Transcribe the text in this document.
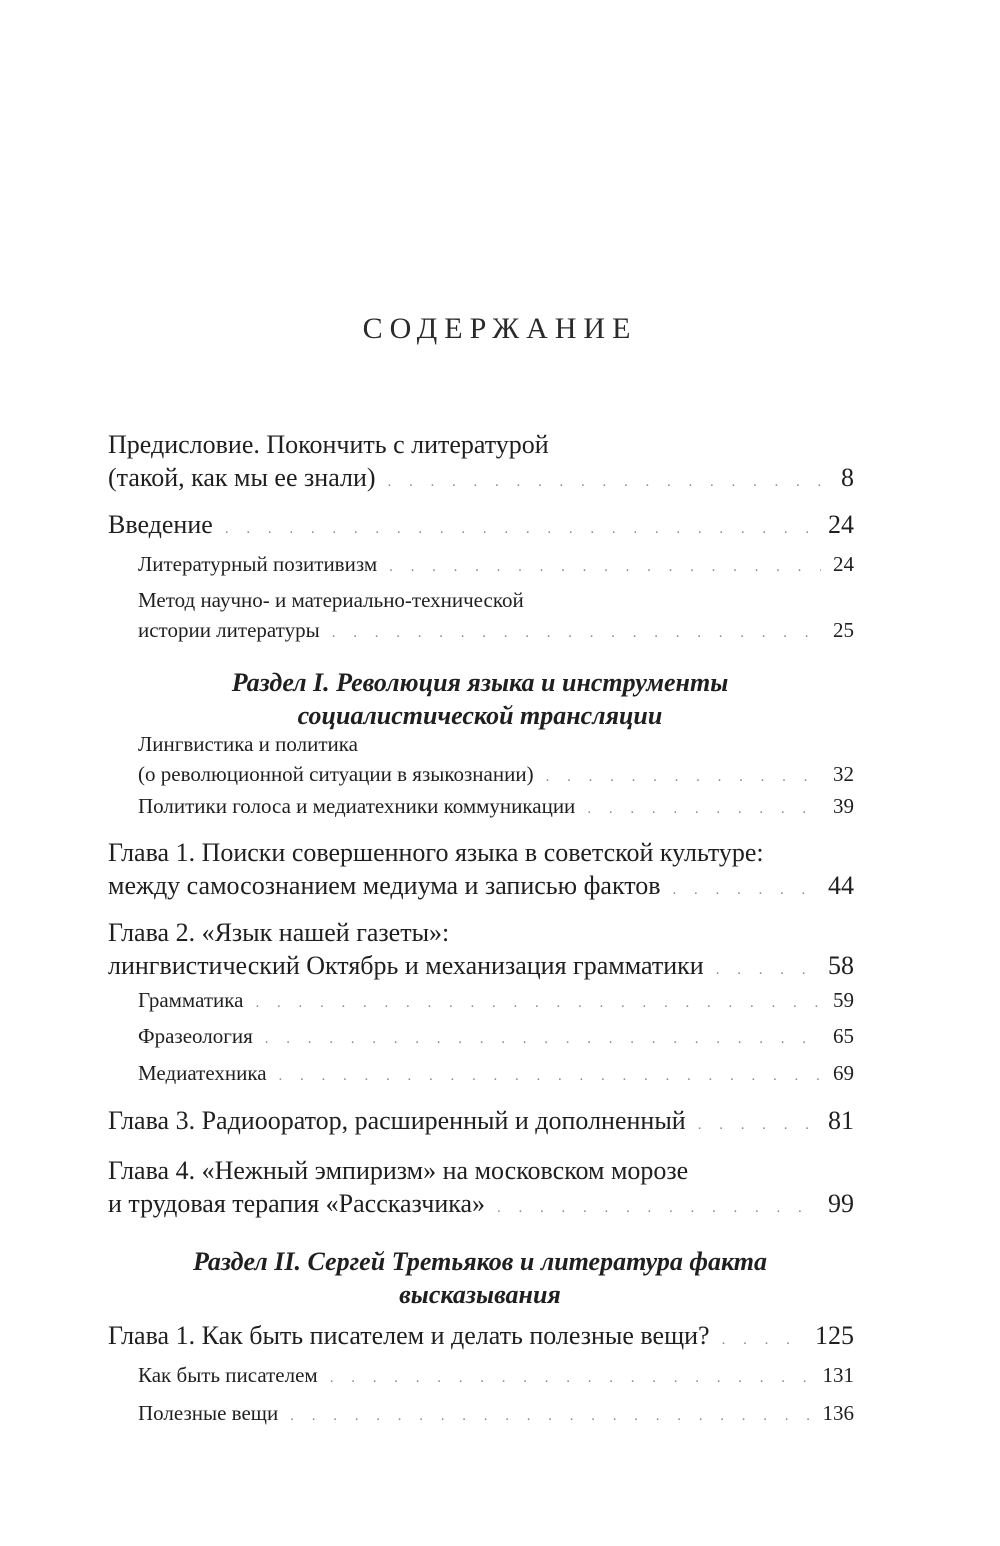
СОДЕРЖАНИЕ
Предисловие. Покончить с литературой
(такой, как мы ее знали) . . .	8
Введение . . .	24
Литературный позитивизм . . .	24
Метод научно- и материально-технической
истории литературы . . .	25
Раздел I. Революция языка и инструменты
социалистической трансляции
Лингвистика и политика
(о революционной ситуации в языкознании) . . .	32
Политики голоса и медиатехники коммуникации . . .	39
Глава 1. Поиски совершенного языка в советской культуре:
между самосознанием медиума и записью фактов . . .	44
Глава 2. «Язык нашей газеты»:
лингвистический Октябрь и механизация грамматики . . .	58
Грамматика . . .	59
Фразеология . . .	65
Медиатехника . . .	69
Глава 3. Радиооратор, расширенный и дополненный . . .	81
Глава 4. «Нежный эмпиризм» на московском морозе
и трудовая терапия «Рассказчика» . . .	99
Раздел II. Сергей Третьяков и литература факта
высказывания
Глава 1. Как быть писателем и делать полезные вещи? . . .	125
Как быть писателем . . .	131
Полезные вещи . . .	136
